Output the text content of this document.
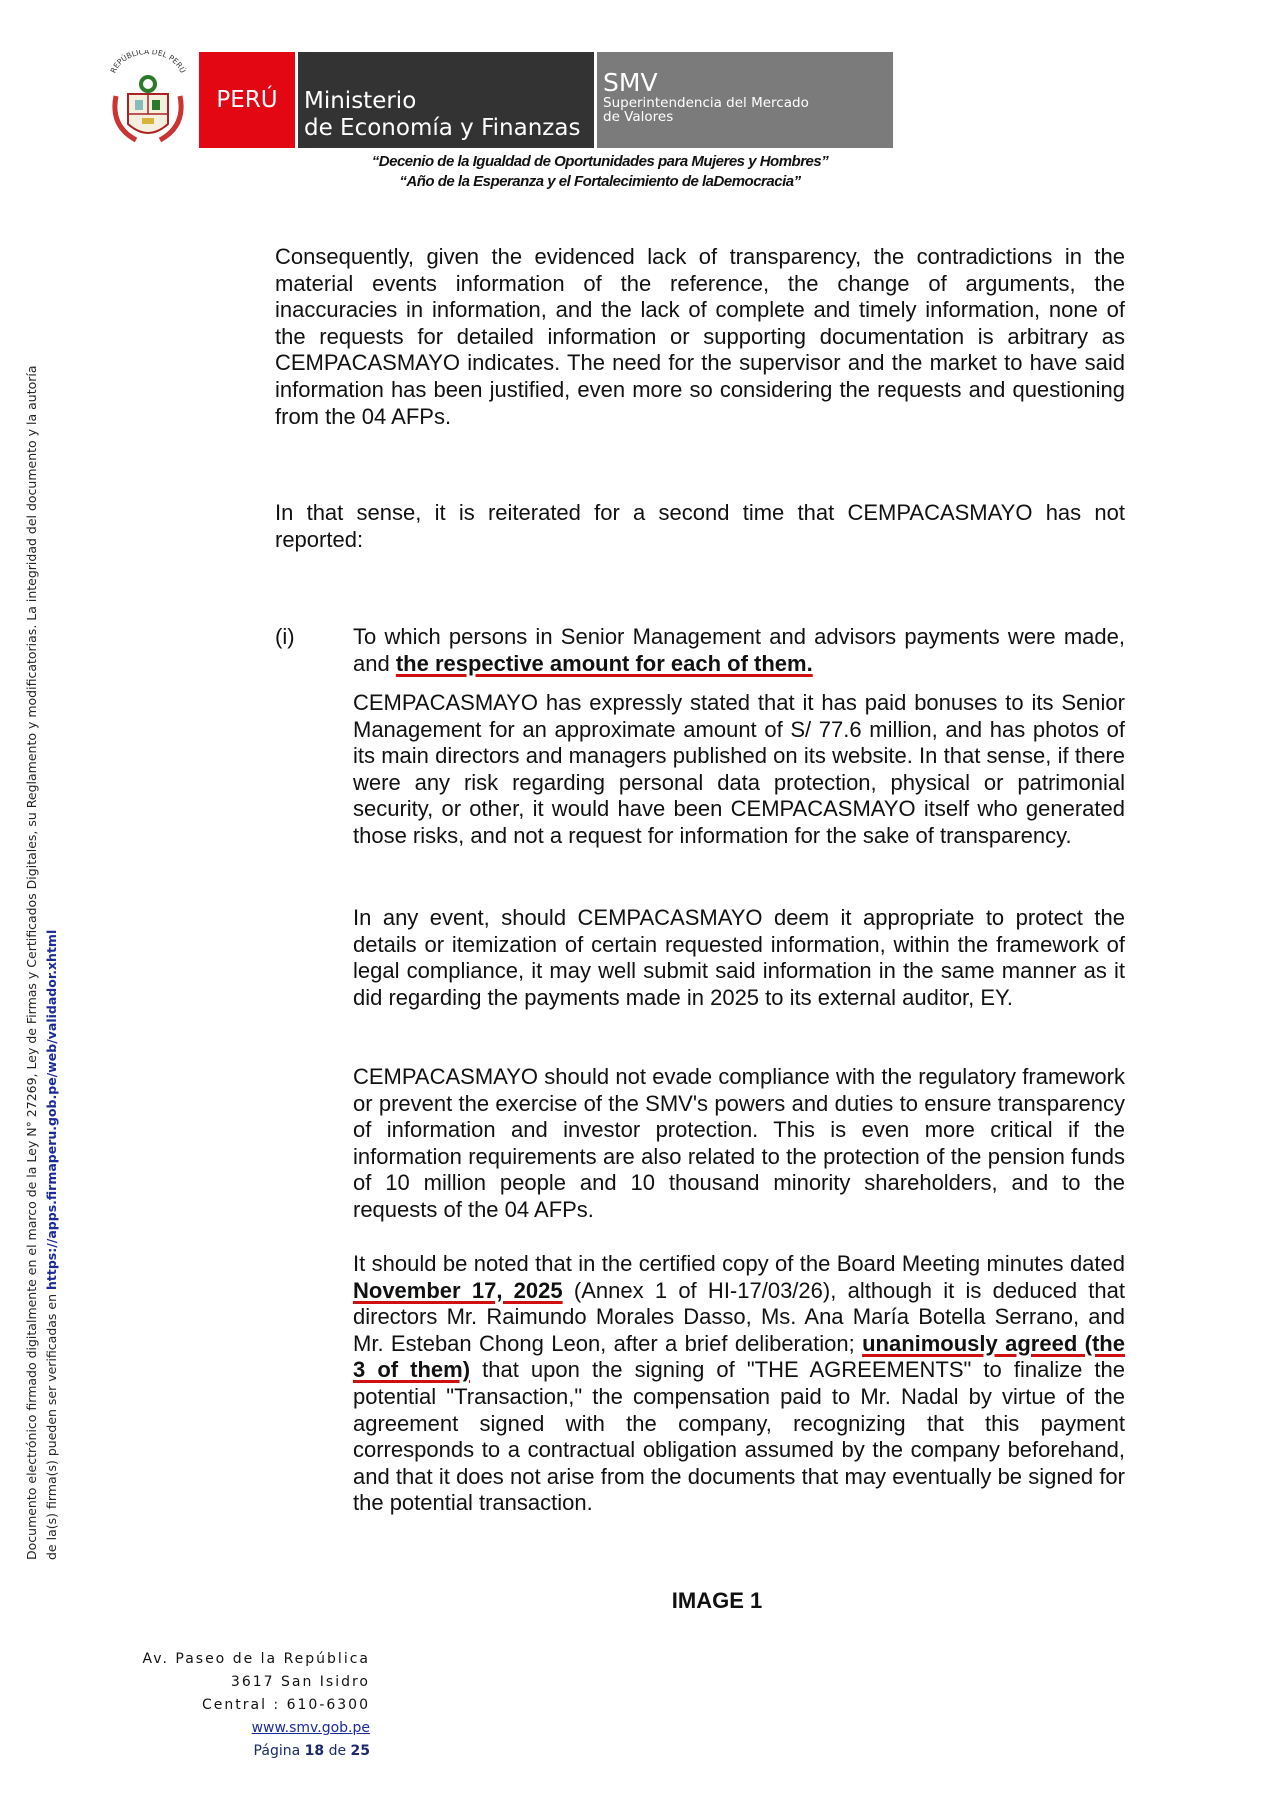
REPÚBLICA DEL PERÚ
PERÚ Ministerio
de Economía y Finanzas
SMV
Superintendencia del Mercado
de Valores
“Decenio de la Igualdad de Oportunidades para Mujeres y Hombres”
“Año de la Esperanza y el Fortalecimiento de laDemocracia”
Documento electrónico firmado digitalmente en el marco de la Ley N° 27269, Ley de Firmas y Certificados Digitales, su Reglamento y modificatorias. La integridad del documento y la autoría de la(s) firma(s) pueden ser verificadas en https://apps.firmaperu.gob.pe/web/validador.xhtml
Consequently, given the evidenced lack of transparency, the contradictions in the material events information of the reference, the change of arguments, the inaccuracies in information, and the lack of complete and timely information, none of the requests for detailed information or supporting documentation is arbitrary as CEMPACASMAYO indicates. The need for the supervisor and the market to have said information has been justified, even more so considering the requests and questioning from the 04 AFPs.
In that sense, it is reiterated for a second time that CEMPACASMAYO has not reported:
(i)	To which persons in Senior Management and advisors payments were made, and the respective amount for each of them.
CEMPACASMAYO has expressly stated that it has paid bonuses to its Senior Management for an approximate amount of S/ 77.6 million, and has photos of its main directors and managers published on its website. In that sense, if there were any risk regarding personal data protection, physical or patrimonial security, or other, it would have been CEMPACASMAYO itself who generated those risks, and not a request for information for the sake of transparency.
In any event, should CEMPACASMAYO deem it appropriate to protect the details or itemization of certain requested information, within the framework of legal compliance, it may well submit said information in the same manner as it did regarding the payments made in 2025 to its external auditor, EY.
CEMPACASMAYO should not evade compliance with the regulatory framework or prevent the exercise of the SMV's powers and duties to ensure transparency of information and investor protection. This is even more critical if the information requirements are also related to the protection of the pension funds of 10 million people and 10 thousand minority shareholders, and to the requests of the 04 AFPs.
It should be noted that in the certified copy of the Board Meeting minutes dated November 17, 2025 (Annex 1 of HI-17/03/26), although it is deduced that directors Mr. Raimundo Morales Dasso, Ms. Ana María Botella Serrano, and Mr. Esteban Chong Leon, after a brief deliberation; unanimously agreed (the 3 of them) that upon the signing of "THE AGREEMENTS" to finalize the potential "Transaction," the compensation paid to Mr. Nadal by virtue of the agreement signed with the company, recognizing that this payment corresponds to a contractual obligation assumed by the company beforehand, and that it does not arise from the documents that may eventually be signed for the potential transaction.
IMAGE 1
Av. Paseo de la República
3617 San Isidro
Central : 610-6300
www.smv.gob.pe
Página 18 de 25
